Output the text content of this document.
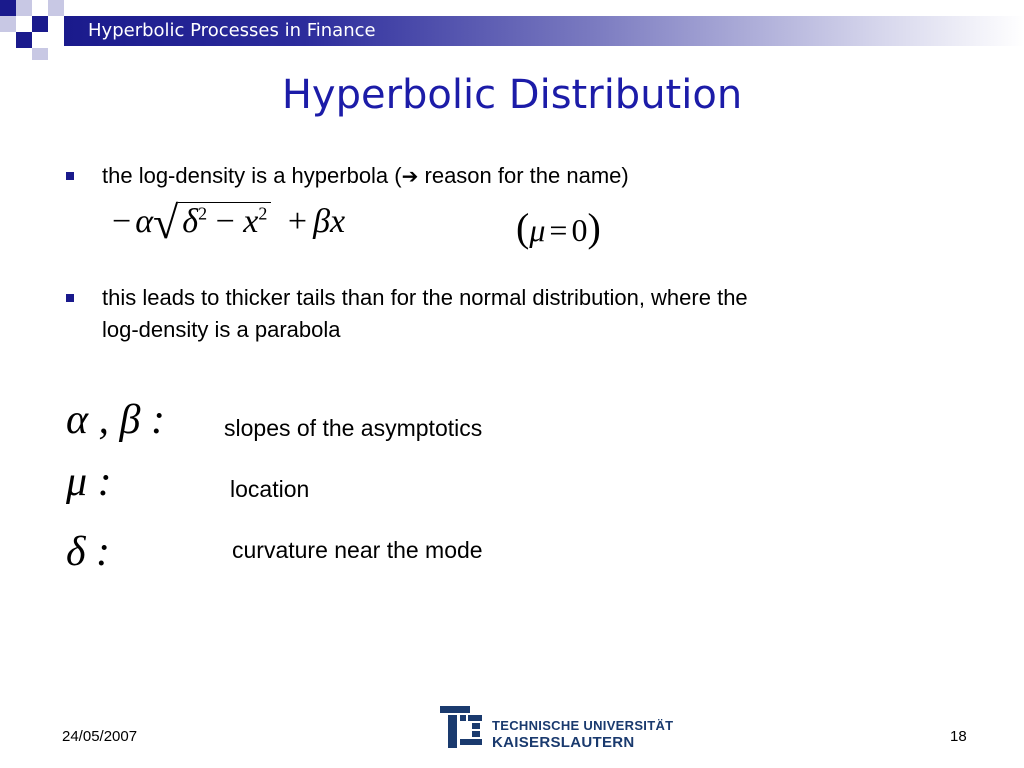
Hyperbolic Processes in Finance
Hyperbolic Distribution
the log-density is a hyperbola (➔ reason for the name)
− α√ $\delta^2 - x^2 + \beta x$	(μ = 0)
this leads to thicker tails than for the normal distribution, where the
log-density is a parabola
α , β :	slopes of the asymptotics
μ :	location
δ :	curvature near the mode
24/05/2007
TECHNISCHE UNIVERSITÄT
KAISERSLAUTERN	18
